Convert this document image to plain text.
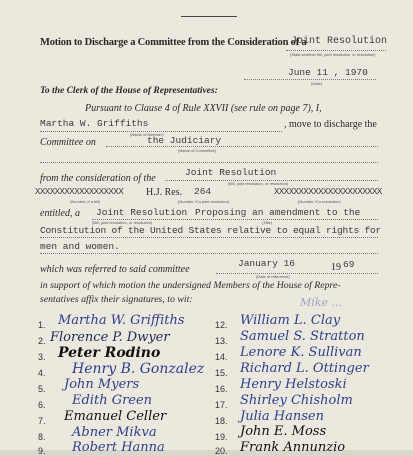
Motion to Discharge a Committee from the Consideration of a
Joint Resolution
(State whether bill, joint resolution, or resolution)
June 11 , 1970
(Date)
To the Clerk of the House of Representatives:
Pursuant to Clause 4 of Rule XXVII (see rule on page 7), I,
Martha W. Griffiths
(Name of Member)
, move to discharge the
Committee on	the Judiciary
(Name of Committee)
from the consideration of the
Joint Resolution
(Bill, joint resolution, or resolution)
XXXXXXXXXXXXXXXXXX H.J. Res. 264	XXXXXXXXXXXXXXXXXXXXXX
(Number, if a bill)	(Number, if a joint resolution)	(Number, if a resolution)
entitled, a Joint Resolution Proposing an amendment to the
(Bill, joint resolution, or resolution)	(Title)
Constitution of the United States relative to equal rights for
men and women.
which was referred to said committee
January 16	19 69
(Date of reference)
in support of which motion the undersigned Members of the House of Repre-
sentatives affix their signatures, to wit:	Mike ...
1. Martha W. Griffiths
2. Florence P. Dwyer
3. Peter Rodino
4. Henry B. Gonzalez
5. John Myers
6. Edith Green
7. Emanuel Celler
8. Abner Mikva
9. Robert Hanna
12. William L. Clay
13. Samuel S. Stratton
14. Lenore K. Sullivan
15. Richard L. Ottinger
16. Henry Helstoski
17. Shirley Chisholm
18. Julia Hansen
19. John E. Moss
20. Frank Annunzio
